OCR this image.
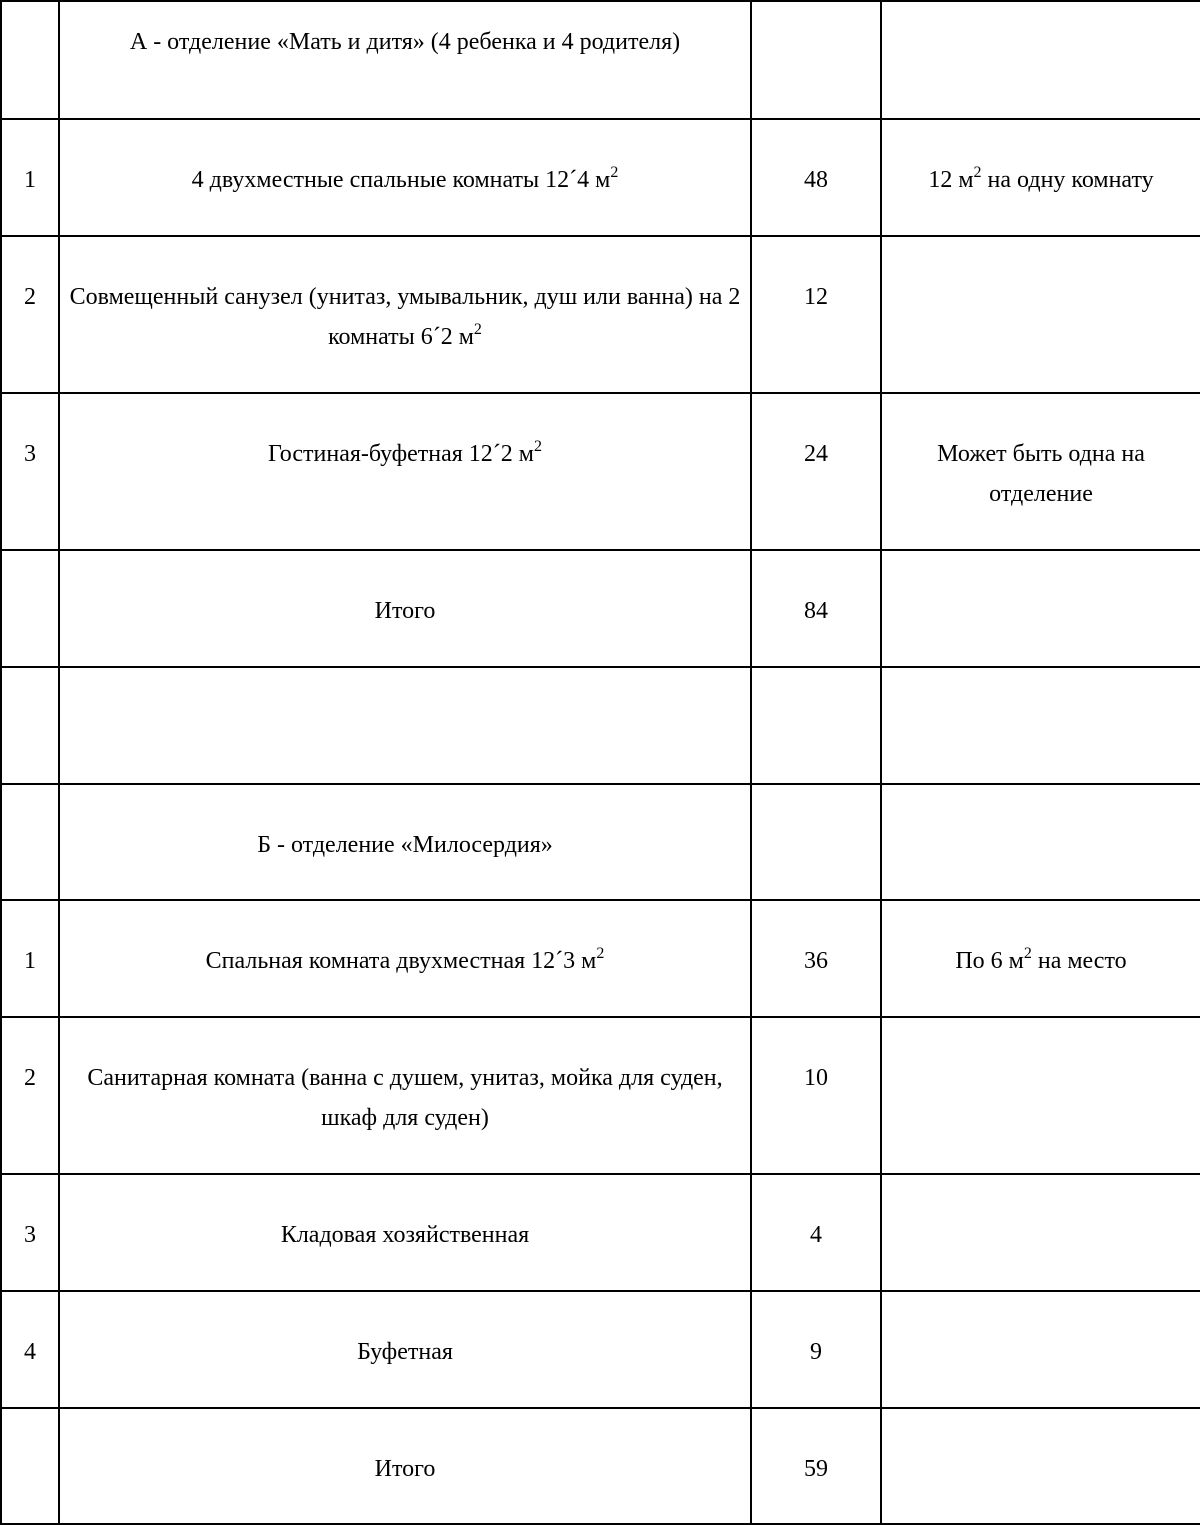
	А - отделение «Мать и дитя» (4 ребенка и 4 родителя)		
1	4 двухместные спальные комнаты 12´4 $м^2$	48	12 $м^2$ на одну комнату
2	Совмещенный санузел (унитаз, умывальник, душ или ванна) на 2 комнаты 6´2 $м^2$	12	
3	Гостиная-буфетная 12´2 $м^2$	24	Может быть одна на отделение
	Итого	84	

	Б - отделение «Милосердия»		
1	Спальная комната двухместная 12´3 $м^2$	36	По 6 $м^2$ на место
2	Санитарная комната (ванна с душем, унитаз, мойка для суден, шкаф для суден)	10	
3	Кладовая хозяйственная	4	
4	Буфетная	9	
	Итого	59	
